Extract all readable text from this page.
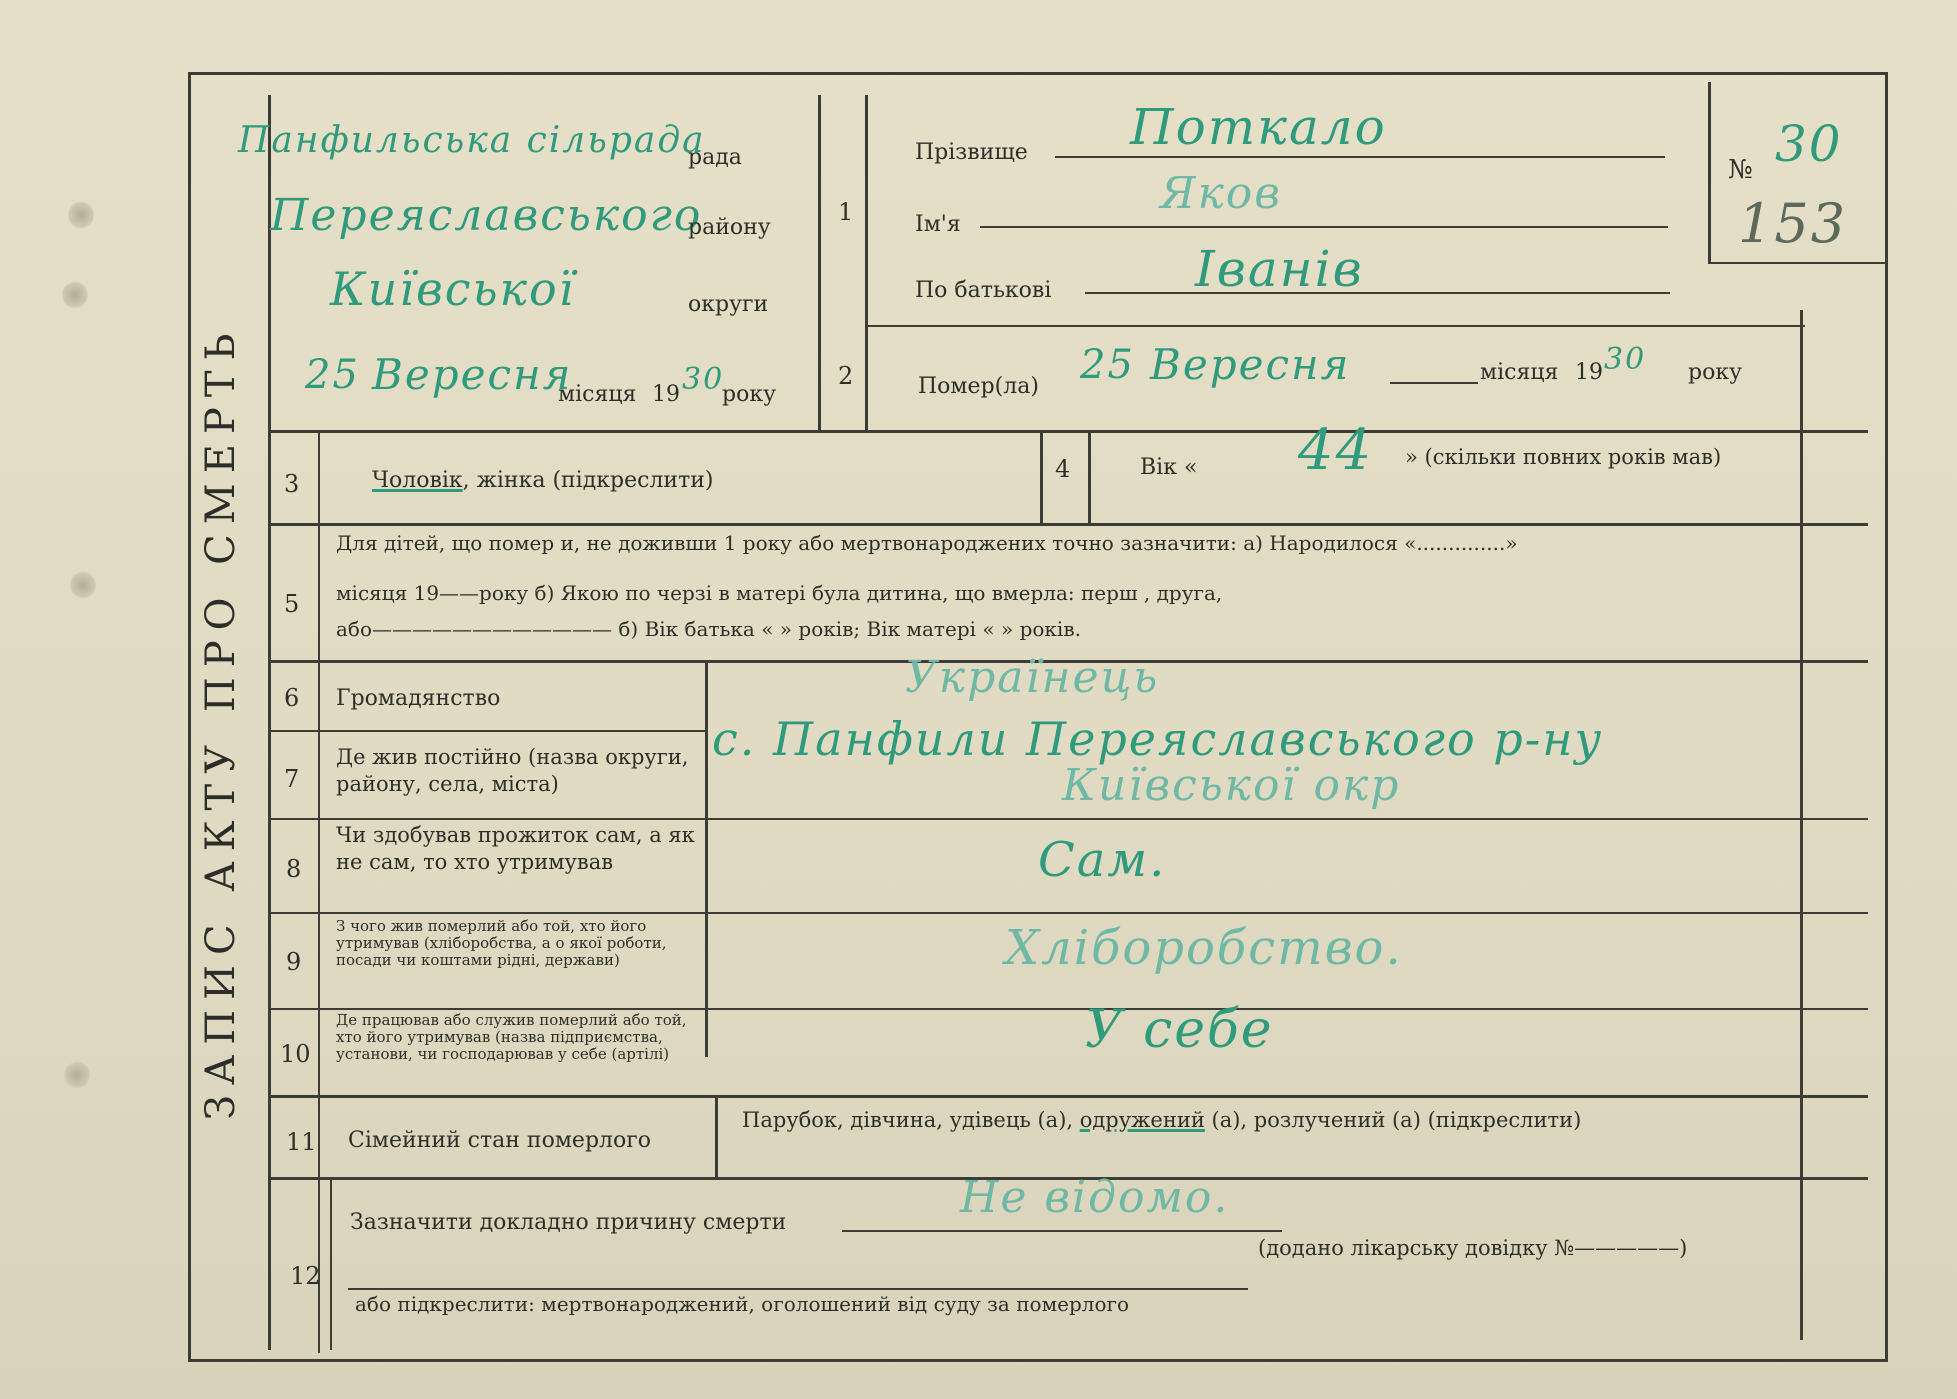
ЗАПИС АКТУ ПРО СМЕРТЬ
Панфильська сільрада
рада
Переяславського
району
Київської	округи
25 Вересня
місяця 19 30
року
1
Прізвище Поткало
Ім'я
Яков
По батькові	Іванів
№ 30
153
2	Помер(ла) 25 Вересня	місяця 19 30 року
3	Чоловік, жінка (підкреслити)	4	Вік « 44 » (скільки повних років мав)
5
Для дітей, що помер и, не доживши 1 року або мертвонароджених точно зазначити: а) Народилося «..............»
місяця 19——року б) Якою по черзі в матері була дитина, що вмерла: перш , друга,
або———————————— б) Вік батька « » років; Вік матері « » років.
6 Громадянство	Українець
7
Де жив постійно (назва округи, району, села, міста)
с. Панфили Переяславського р-ну
Київської окр
8
Чи здобував прожиток сам, а як не сам, то хто утримував	Сам.
9
З чого жив померлий або той, хто його утримував (хліборобства, а о якої роботи, посади чи коштами рідні, держави)	Хліборобство.
10
Де працював або служив померлий або той, хто його утримував (назва підприємства, установи, чи господарював у себе (артілі)	У себе
11 Сімейний стан померлого
Парубок, дівчина, удівець (а), одружений (а), розлучений (а) (підкреслити)
12
Зазначити докладно причину смерти	Не відомо.
(додано лікарську довідку №—————)
або підкреслити: мертвонароджений, оголошений від суду за померлого
